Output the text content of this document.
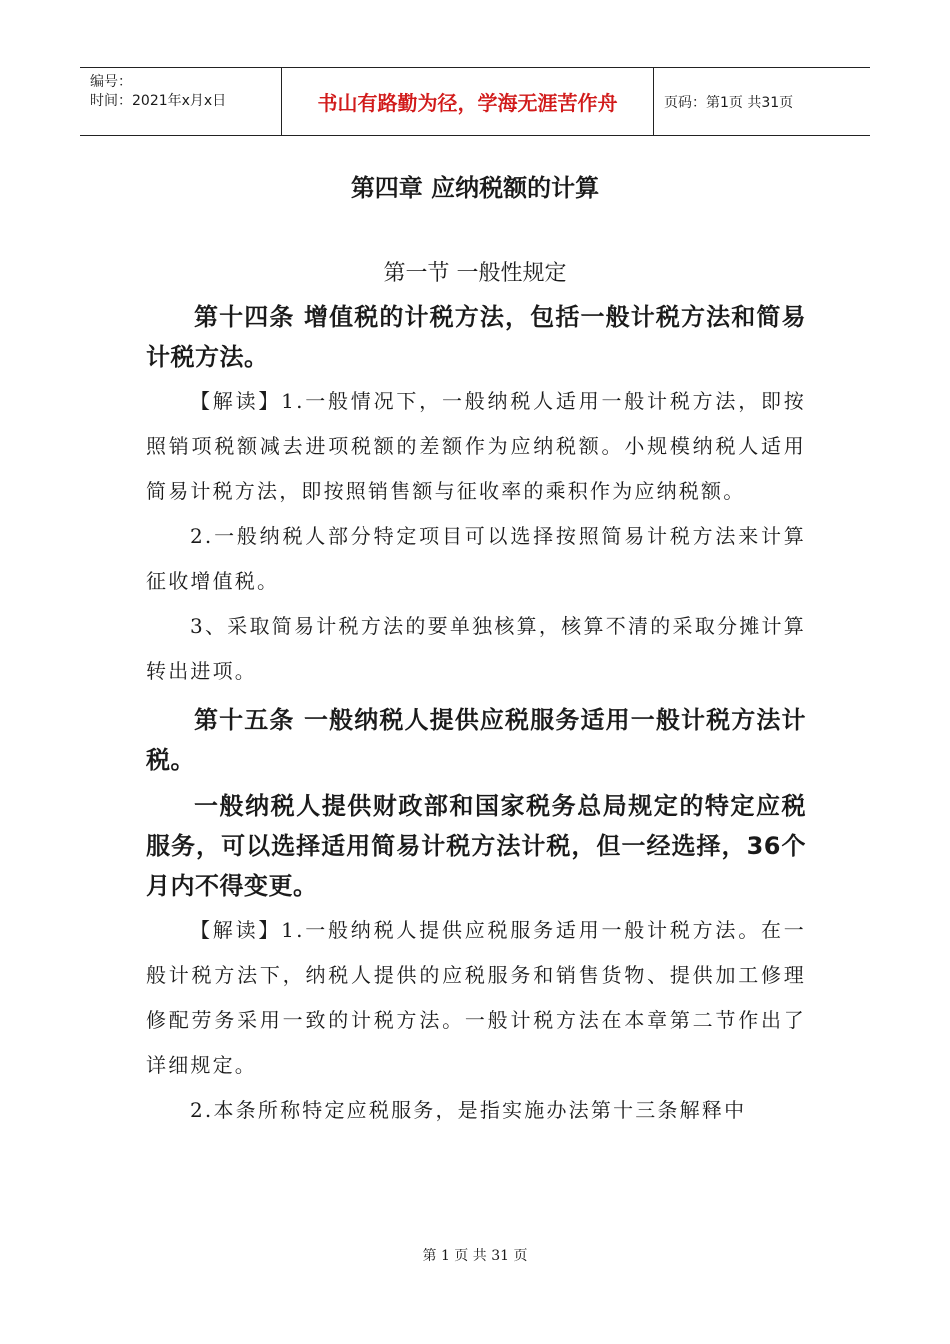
编号：
时间：2021年x月x日	书山有路勤为径，学海无涯苦作舟	页码：第1页 共31页
第四章 应纳税额的计算
第一节 一般性规定

第十四条 增值税的计税方法，包括一般计税方法和简易计税方法。

【解读】1.一般情况下，一般纳税人适用一般计税方法，即按照销项税额减去进项税额的差额作为应纳税额。小规模纳税人适用简易计税方法，即按照销售额与征收率的乘积作为应纳税额。

2.一般纳税人部分特定项目可以选择按照简易计税方法来计算征收增值税。

3、采取简易计税方法的要单独核算，核算不清的采取分摊计算转出进项。

第十五条 一般纳税人提供应税服务适用一般计税方法计税。

一般纳税人提供财政部和国家税务总局规定的特定应税服务，可以选择适用简易计税方法计税，但一经选择，36个月内不得变更。

【解读】1.一般纳税人提供应税服务适用一般计税方法。在一般计税方法下，纳税人提供的应税服务和销售货物、提供加工修理修配劳务采用一致的计税方法。一般计税方法在本章第二节作出了详细规定。

2.本条所称特定应税服务，是指实施办法第十三条解释中

第 1 页 共 31 页
